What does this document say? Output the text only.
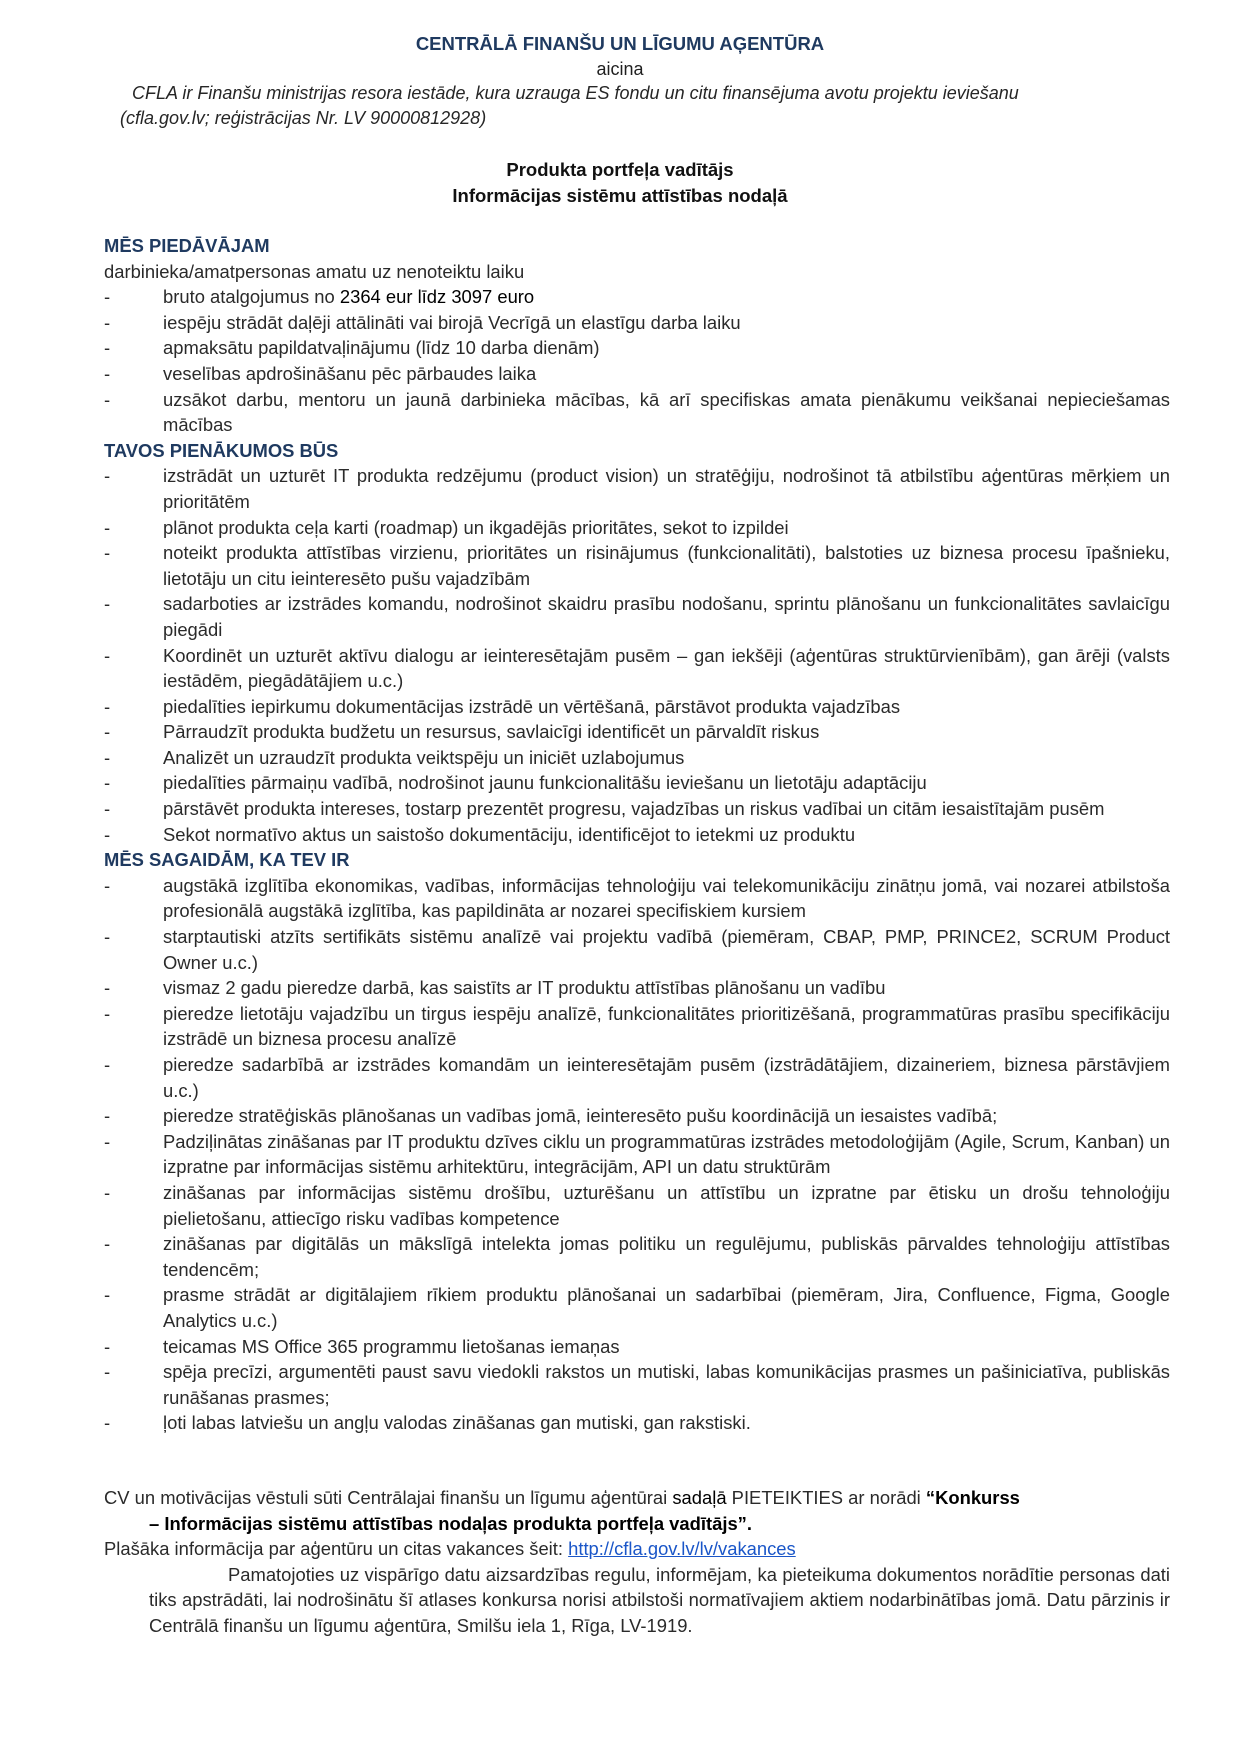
CENTRĀLĀ FINANŠU UN LĪGUMU AĢENTŪRA
aicina
CFLA ir Finanšu ministrijas resora iestāde, kura uzrauga ES fondu un citu finansējuma avotu projektu ieviešanu
(cfla.gov.lv; reģistrācijas Nr. LV 90000812928)
Produkta portfeļa vadītājs
Informācijas sistēmu attīstības nodaļā
MĒS PIEDĀVĀJAM
darbinieka/amatpersonas amatu uz nenoteiktu laiku
-	bruto atalgojumus no 2364 eur līdz 3097 euro
-	iespēju strādāt daļēji attālināti vai birojā Vecrīgā un elastīgu darba laiku
-	apmaksātu papildatvaļinājumu (līdz 10 darba dienām)
-	veselības apdrošināšanu pēc pārbaudes laika
-	uzsākot darbu, mentoru un jaunā darbinieka mācības, kā arī specifiskas amata pienākumu veikšanai nepieciešamas mācības
TAVOS PIENĀKUMOS BŪS
-	izstrādāt un uzturēt IT produkta redzējumu (product vision) un stratēģiju, nodrošinot tā atbilstību aģentūras mērķiem un prioritātēm
-	plānot produkta ceļa karti (roadmap) un ikgadējās prioritātes, sekot to izpildei
-	noteikt produkta attīstības virzienu, prioritātes un risinājumus (funkcionalitāti), balstoties uz biznesa procesu īpašnieku, lietotāju un citu ieinteresēto pušu vajadzībām
-	sadarboties ar izstrādes komandu, nodrošinot skaidru prasību nodošanu, sprintu plānošanu un funkcionalitātes savlaicīgu piegādi
-	Koordinēt un uzturēt aktīvu dialogu ar ieinteresētajām pusēm – gan iekšēji (aģentūras struktūrvienībām), gan ārēji (valsts iestādēm, piegādātājiem u.c.)
-	piedalīties iepirkumu dokumentācijas izstrādē un vērtēšanā, pārstāvot produkta vajadzības
-	Pārraudzīt produkta budžetu un resursus, savlaicīgi identificēt un pārvaldīt riskus
-	Analizēt un uzraudzīt produkta veiktspēju un iniciēt uzlabojumus
-	piedalīties pārmaiņu vadībā, nodrošinot jaunu funkcionalitāšu ieviešanu un lietotāju adaptāciju
-	pārstāvēt produkta intereses, tostarp prezentēt progresu, vajadzības un riskus vadībai un citām iesaistītajām pusēm
-	Sekot normatīvo aktus un saistošo dokumentāciju, identificējot to ietekmi uz produktu
MĒS SAGAIDĀM, KA TEV IR
-	augstākā izglītība ekonomikas, vadības, informācijas tehnoloģiju vai telekomunikāciju zinātņu jomā, vai nozarei atbilstoša profesionālā augstākā izglītība, kas papildināta ar nozarei specifiskiem kursiem
-	starptautiski atzīts sertifikāts sistēmu analīzē vai projektu vadībā (piemēram, CBAP, PMP, PRINCE2, SCRUM Product Owner u.c.)
-	vismaz 2 gadu pieredze darbā, kas saistīts ar IT produktu attīstības plānošanu un vadību
-	pieredze lietotāju vajadzību un tirgus iespēju analīzē, funkcionalitātes prioritizēšanā, programmatūras prasību specifikāciju izstrādē un biznesa procesu analīzē
-	pieredze sadarbībā ar izstrādes komandām un ieinteresētajām pusēm (izstrādātājiem, dizaineriem, biznesa pārstāvjiem u.c.)
-	pieredze stratēģiskās plānošanas un vadības jomā, ieinteresēto pušu koordinācijā un iesaistes vadībā;
-	Padziļinātas zināšanas par IT produktu dzīves ciklu un programmatūras izstrādes metodoloģijām (Agile, Scrum, Kanban) un izpratne par informācijas sistēmu arhitektūru, integrācijām, API un datu struktūrām
-	zināšanas par informācijas sistēmu drošību, uzturēšanu un attīstību un izpratne par ētisku un drošu tehnoloģiju pielietošanu, attiecīgo risku vadības kompetence
-	zināšanas par digitālās un mākslīgā intelekta jomas politiku un regulējumu, publiskās pārvaldes tehnoloģiju attīstības tendencēm;
-	prasme strādāt ar digitālajiem rīkiem produktu plānošanai un sadarbībai (piemēram, Jira, Confluence, Figma, Google Analytics u.c.)
-	teicamas MS Office 365 programmu lietošanas iemaņas
-	spēja precīzi, argumentēti paust savu viedokli rakstos un mutiski, labas komunikācijas prasmes un pašiniciatīva, publiskās runāšanas prasmes;
-	ļoti labas latviešu un angļu valodas zināšanas gan mutiski, gan rakstiski.
CV un motivācijas vēstuli sūti Centrālajai finanšu un līgumu aģentūrai sadaļā PIETEIKTIES ar norādi “Konkurss
– Informācijas sistēmu attīstības nodaļas produkta portfeļa vadītājs”.
Plašāka informācija par aģentūru un citas vakances šeit: http://cfla.gov.lv/lv/vakances
Pamatojoties uz vispārīgo datu aizsardzības regulu, informējam, ka pieteikuma dokumentos norādītie personas dati tiks apstrādāti, lai nodrošinātu šī atlases konkursa norisi atbilstoši normatīvajiem aktiem nodarbinātības jomā. Datu pārzinis ir Centrālā finanšu un līgumu aģentūra, Smilšu iela 1, Rīga, LV-1919.
